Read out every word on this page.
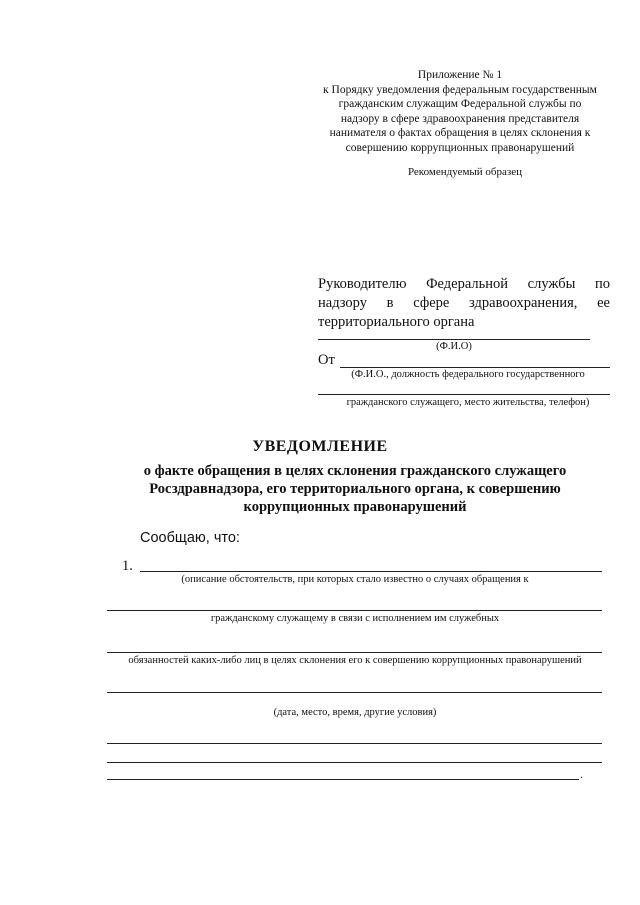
Приложение № 1
к Порядку уведомления федеральным государственным
гражданским служащим Федеральной службы по
надзору в сфере здравоохранения представителя
нанимателя о фактах обращения в целях склонения к
совершению коррупционных правонарушений
Рекомендуемый образец
Руководителю Федеральной службы по
надзору в сфере здравоохранения, ее
территориального органа
(Ф.И.О)
От
(Ф.И.О., должность федерального государственного
гражданского служащего, место жительства, телефон)
УВЕДОМЛЕНИЕ
о факте обращения в целях склонения гражданского служащего
Росздравнадзора, его территориального органа, к совершению
коррупционных правонарушений
Сообщаю, что:
1.
(описание обстоятельств, при которых стало известно о случаях обращения к
гражданскому служащему в связи с исполнением им служебных
обязанностей каких-либо лиц в целях склонения его к совершению коррупционных правонарушений
(дата, место, время, другие условия)
.
